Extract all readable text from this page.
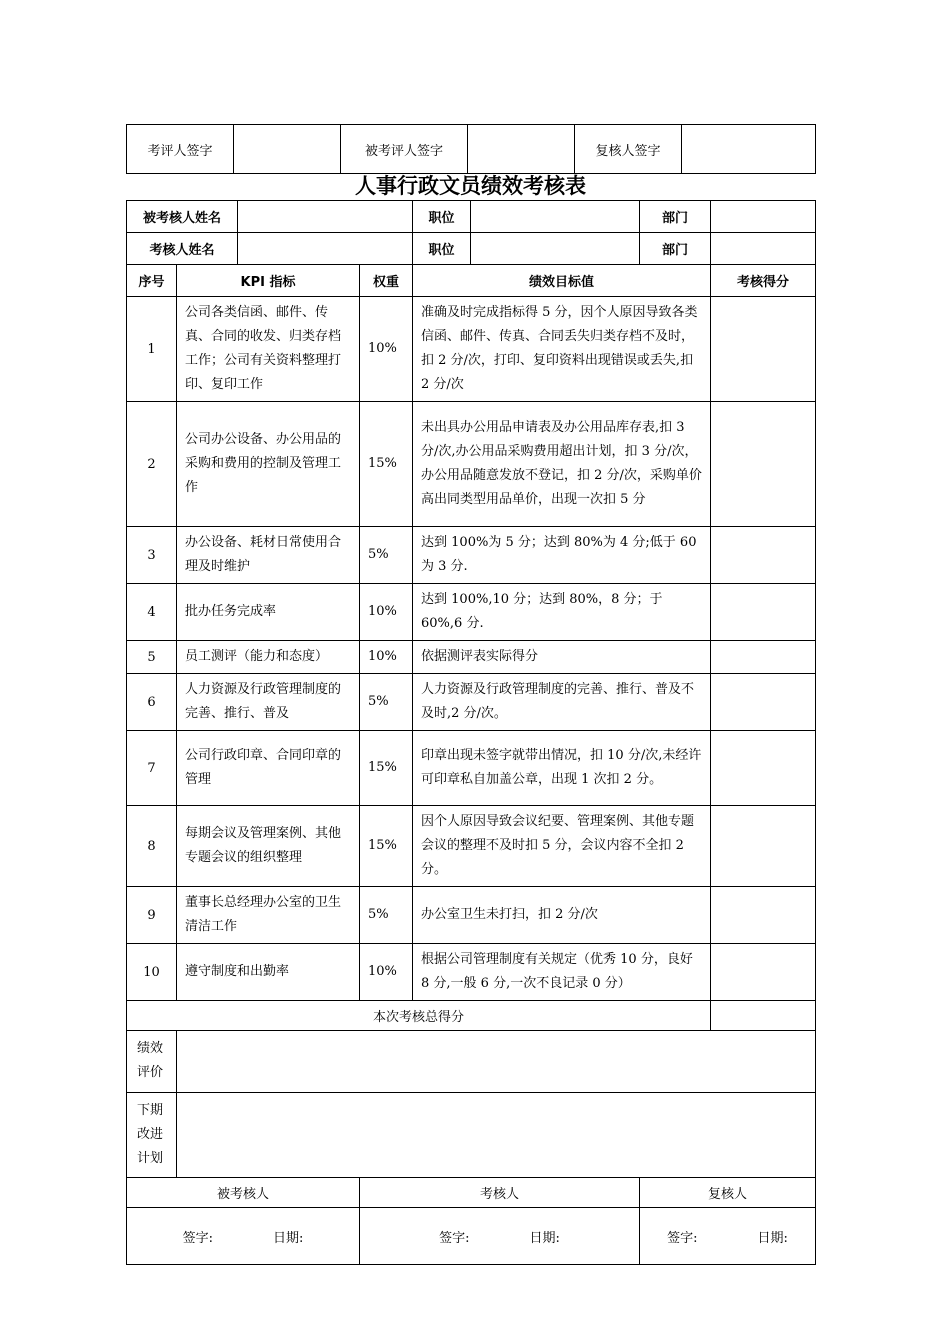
考评人签字		被考评人签字		复核人签字	
人事行政文员绩效考核表
被考核人姓名				职位		部门	
考核人姓名				职位		部门	
序号	KPI 指标		权重	绩效目标值			考核得分
1	公司各类信函、邮件、传真、合同的收发、归类存档工作；公司有关资料整理打印、复印工作		10%	准确及时完成指标得 5 分，因个人原因导致各类信函、邮件、传真、合同丢失归类存档不及时，扣 2 分/次，打印、复印资料出现错误或丢失,扣 2 分/次			
2	公司办公设备、办公用品的采购和费用的控制及管理工作		15%	未出具办公用品申请表及办公用品库存表,扣 3 分/次,办公用品采购费用超出计划，扣 3 分/次，办公用品随意发放不登记，扣 2 分/次，采购单价高出同类型用品单价，出现一次扣 5 分			
3	办公设备、耗材日常使用合理及时维护		5%	达到 100%为 5 分；达到 80%为 4 分;低于 60 为 3 分.			
4	批办任务完成率		10%	达到 100%,10 分；达到 80%，8 分；于 60%,6 分.			
5	员工测评（能力和态度）		10%	依据测评表实际得分			
6	人力资源及行政管理制度的完善、推行、普及		5%	人力资源及行政管理制度的完善、推行、普及不及时,2 分/次。			
7	公司行政印章、合同印章的管理		15%	印章出现未签字就带出情况，扣 10 分/次,未经许可印章私自加盖公章，出现 1 次扣 2 分。			
8	每期会议及管理案例、其他专题会议的组织整理		15%	因个人原因导致会议纪要、管理案例、其他专题会议的整理不及时扣 5 分，会议内容不全扣 2 分。			
9	董事长总经理办公室的卫生清洁工作		5%	办公室卫生未打扫，扣 2 分/次			
10	遵守制度和出勤率		10%	根据公司管理制度有关规定（优秀 10 分，良好 8 分,一般 6 分,一次不良记录 0 分）			
本次考核总得分							
绩效
评价							
下期
改进
计划							
被考核人			考核人			复核人	
签字: 日期:			签字: 日期:			签字: 日期:	
